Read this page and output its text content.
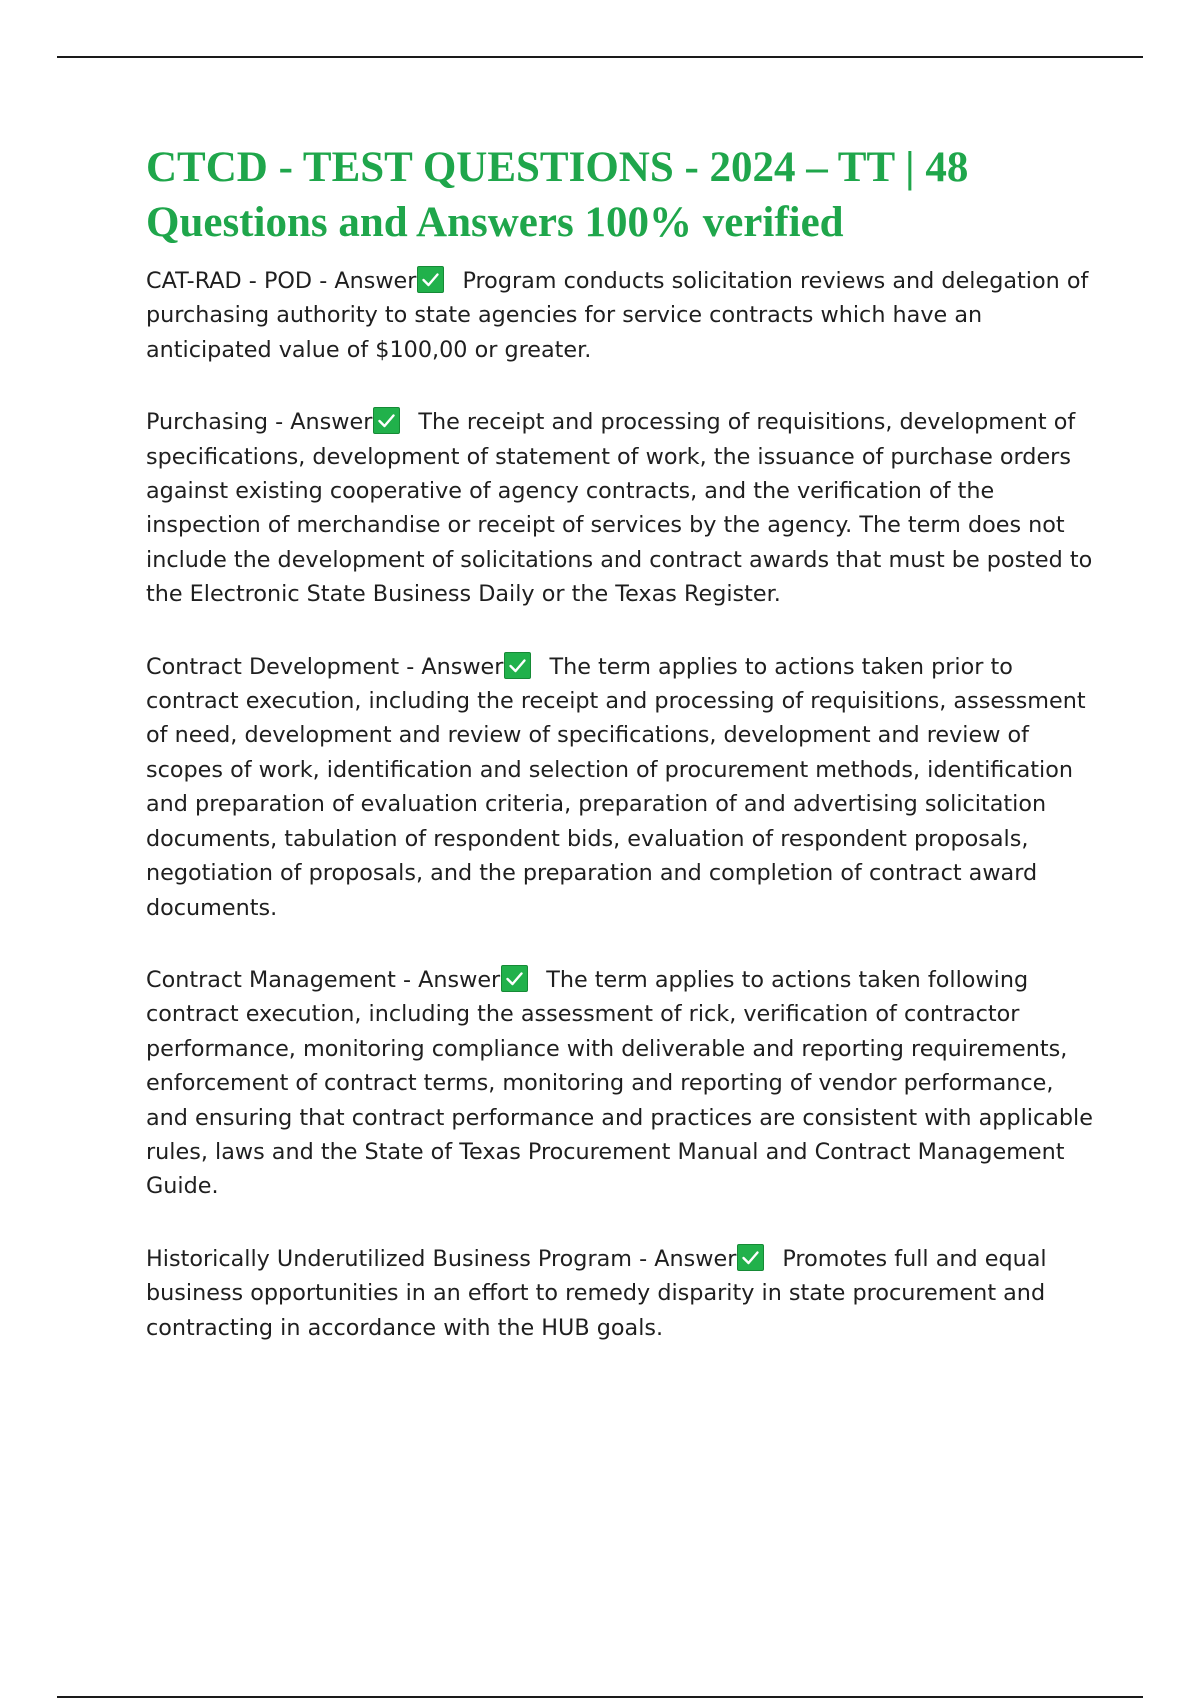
CTCD - TEST QUESTIONS - 2024 – TT | 48 Questions and Answers 100% verified

CAT-RAD - POD - Answer Program conducts solicitation reviews and delegation of purchasing authority to state agencies for service contracts which have an anticipated value of $100,00 or greater.

Purchasing - Answer The receipt and processing of requisitions, development of specifications, development of statement of work, the issuance of purchase orders against existing cooperative of agency contracts, and the verification of the inspection of merchandise or receipt of services by the agency. The term does not include the development of solicitations and contract awards that must be posted to the Electronic State Business Daily or the Texas Register.

Contract Development - Answer The term applies to actions taken prior to contract execution, including the receipt and processing of requisitions, assessment of need, development and review of specifications, development and review of scopes of work, identification and selection of procurement methods, identification and preparation of evaluation criteria, preparation of and advertising solicitation documents, tabulation of respondent bids, evaluation of respondent proposals, negotiation of proposals, and the preparation and completion of contract award documents.

Contract Management - Answer The term applies to actions taken following contract execution, including the assessment of rick, verification of contractor performance, monitoring compliance with deliverable and reporting requirements, enforcement of contract terms, monitoring and reporting of vendor performance, and ensuring that contract performance and practices are consistent with applicable rules, laws and the State of Texas Procurement Manual and Contract Management Guide.

Historically Underutilized Business Program - Answer Promotes full and equal business opportunities in an effort to remedy disparity in state procurement and contracting in accordance with the HUB goals.
